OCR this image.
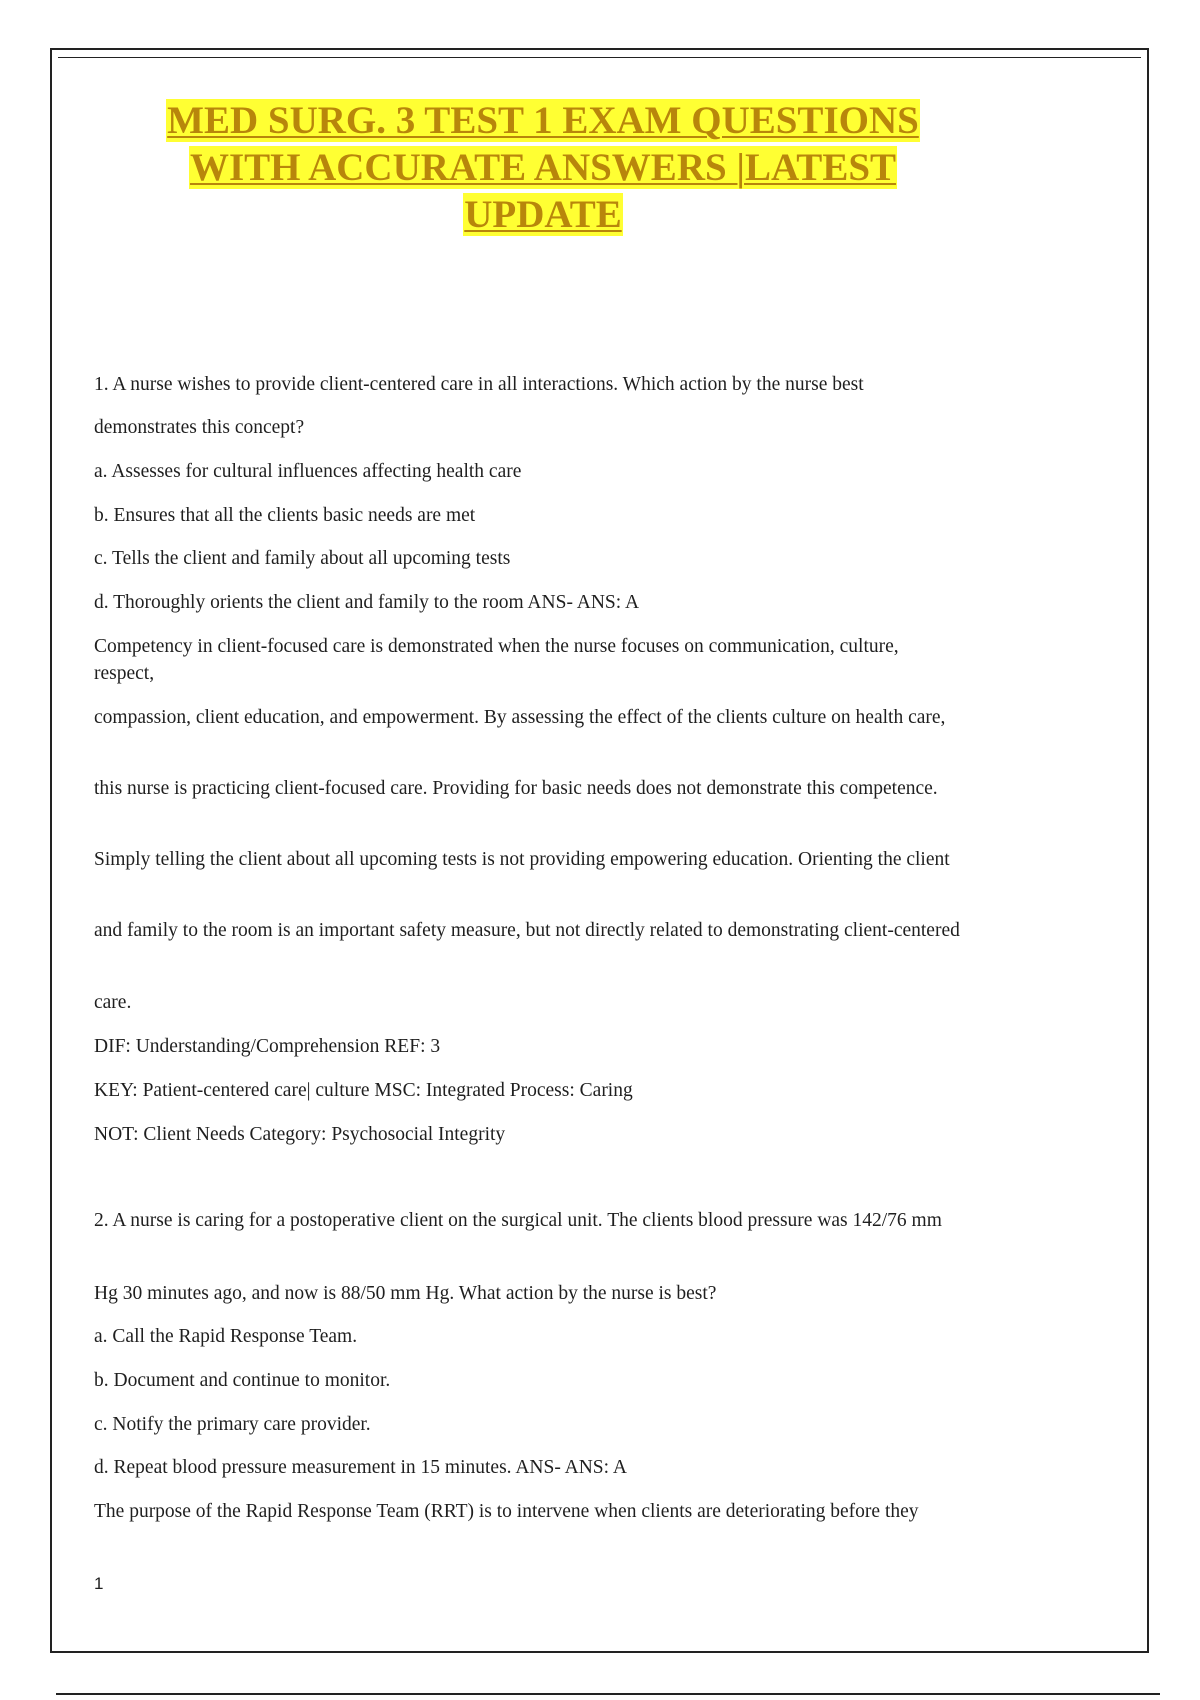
MED SURG. 3 TEST 1 EXAM QUESTIONS
WITH ACCURATE ANSWERS |LATEST
UPDATE

1. A nurse wishes to provide client-centered care in all interactions. Which action by the nurse best

demonstrates this concept?

a. Assesses for cultural influences affecting health care

b. Ensures that all the clients basic needs are met

c. Tells the client and family about all upcoming tests

d. Thoroughly orients the client and family to the room ANS- ANS: A

Competency in client-focused care is demonstrated when the nurse focuses on communication, culture, respect,

compassion, client education, and empowerment. By assessing the effect of the clients culture on health care,

this nurse is practicing client-focused care. Providing for basic needs does not demonstrate this competence.

Simply telling the client about all upcoming tests is not providing empowering education. Orienting the client

and family to the room is an important safety measure, but not directly related to demonstrating client-centered

care.

DIF: Understanding/Comprehension REF: 3

KEY: Patient-centered care| culture MSC: Integrated Process: Caring

NOT: Client Needs Category: Psychosocial Integrity

2. A nurse is caring for a postoperative client on the surgical unit. The clients blood pressure was 142/76 mm

Hg 30 minutes ago, and now is 88/50 mm Hg. What action by the nurse is best?

a. Call the Rapid Response Team.

b. Document and continue to monitor.

c. Notify the primary care provider.

d. Repeat blood pressure measurement in 15 minutes. ANS- ANS: A

The purpose of the Rapid Response Team (RRT) is to intervene when clients are deteriorating before they

1
